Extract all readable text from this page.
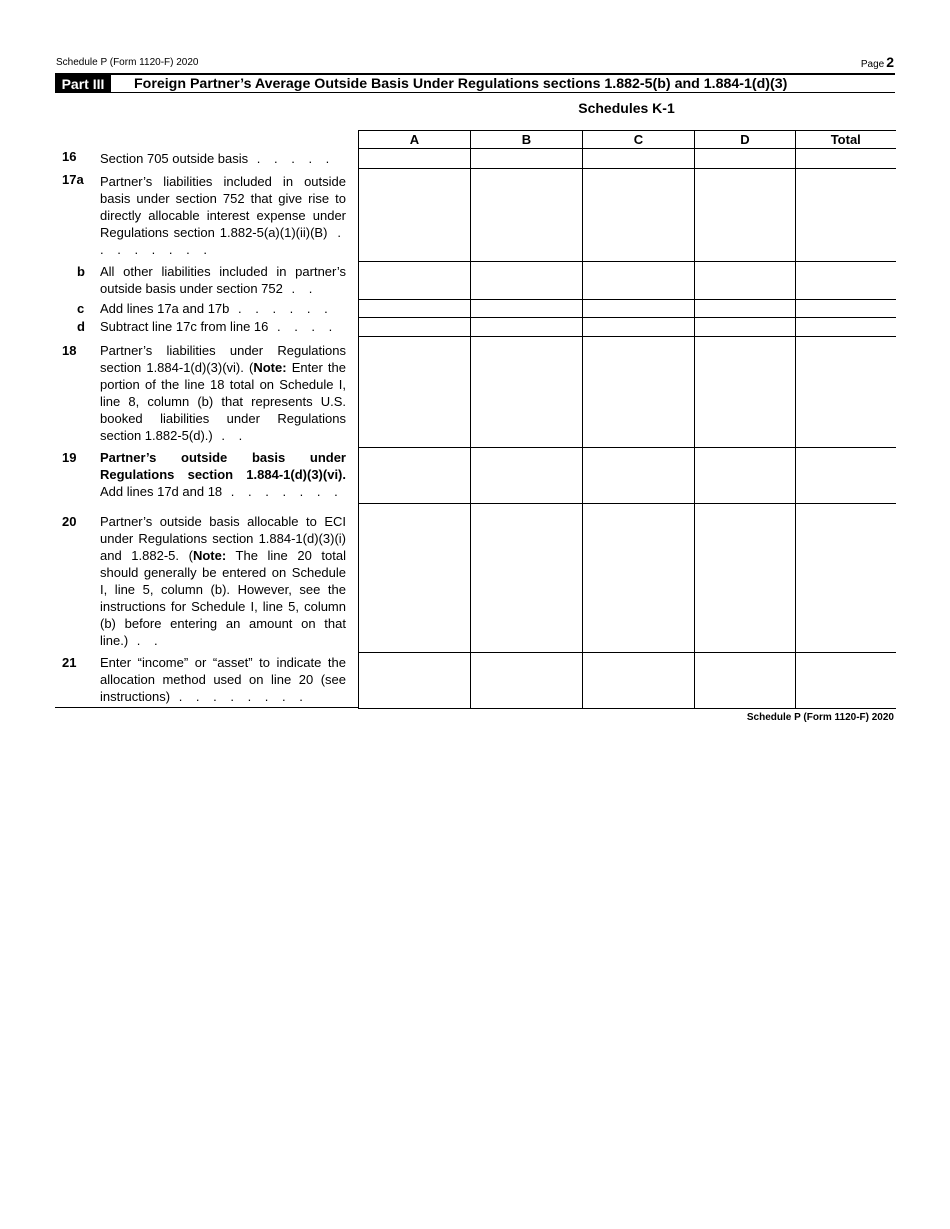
Schedule P (Form 1120-F) 2020	Page 2
Part III	Foreign Partner’s Average Outside Basis Under Regulations sections 1.882-5(b) and 1.884-1(d)(3)
Schedules K-1
16	Section 705 outside basis . . . . .
17a Partner’s liabilities included in outside basis under section 752 that give rise to directly allocable interest expense under Regulations section 1.882-5(a)(1)(ii)(B) . . . . . . . .
b	All other liabilities included in partner’s outside basis under section 752 . .
c	Add lines 17a and 17b . . . . . .
d	Subtract line 17c from line 16 . . . .
18	Partner’s liabilities under Regulations section 1.884-1(d)(3)(vi). (Note: Enter the portion of the line 18 total on Schedule I, line 8, column (b) that represents U.S. booked liabilities under Regulations section 1.882-5(d).) . .
19	Partner’s outside basis under Regulations section 1.884-1(d)(3)(vi). Add lines 17d and 18 . . . . . . .
20	Partner’s outside basis allocable to ECI under Regulations section 1.884-1(d)(3)(i) and 1.882-5. (Note: The line 20 total should generally be entered on Schedule I, line 5, column (b). However, see the instructions for Schedule I, line 5, column (b) before entering an amount on that line.) . .
21	Enter “income” or “asset” to indicate the allocation method used on line 20 (see instructions) . . . . . . . .
A	B	C	D	Total

Schedule P (Form 1120-F) 2020
